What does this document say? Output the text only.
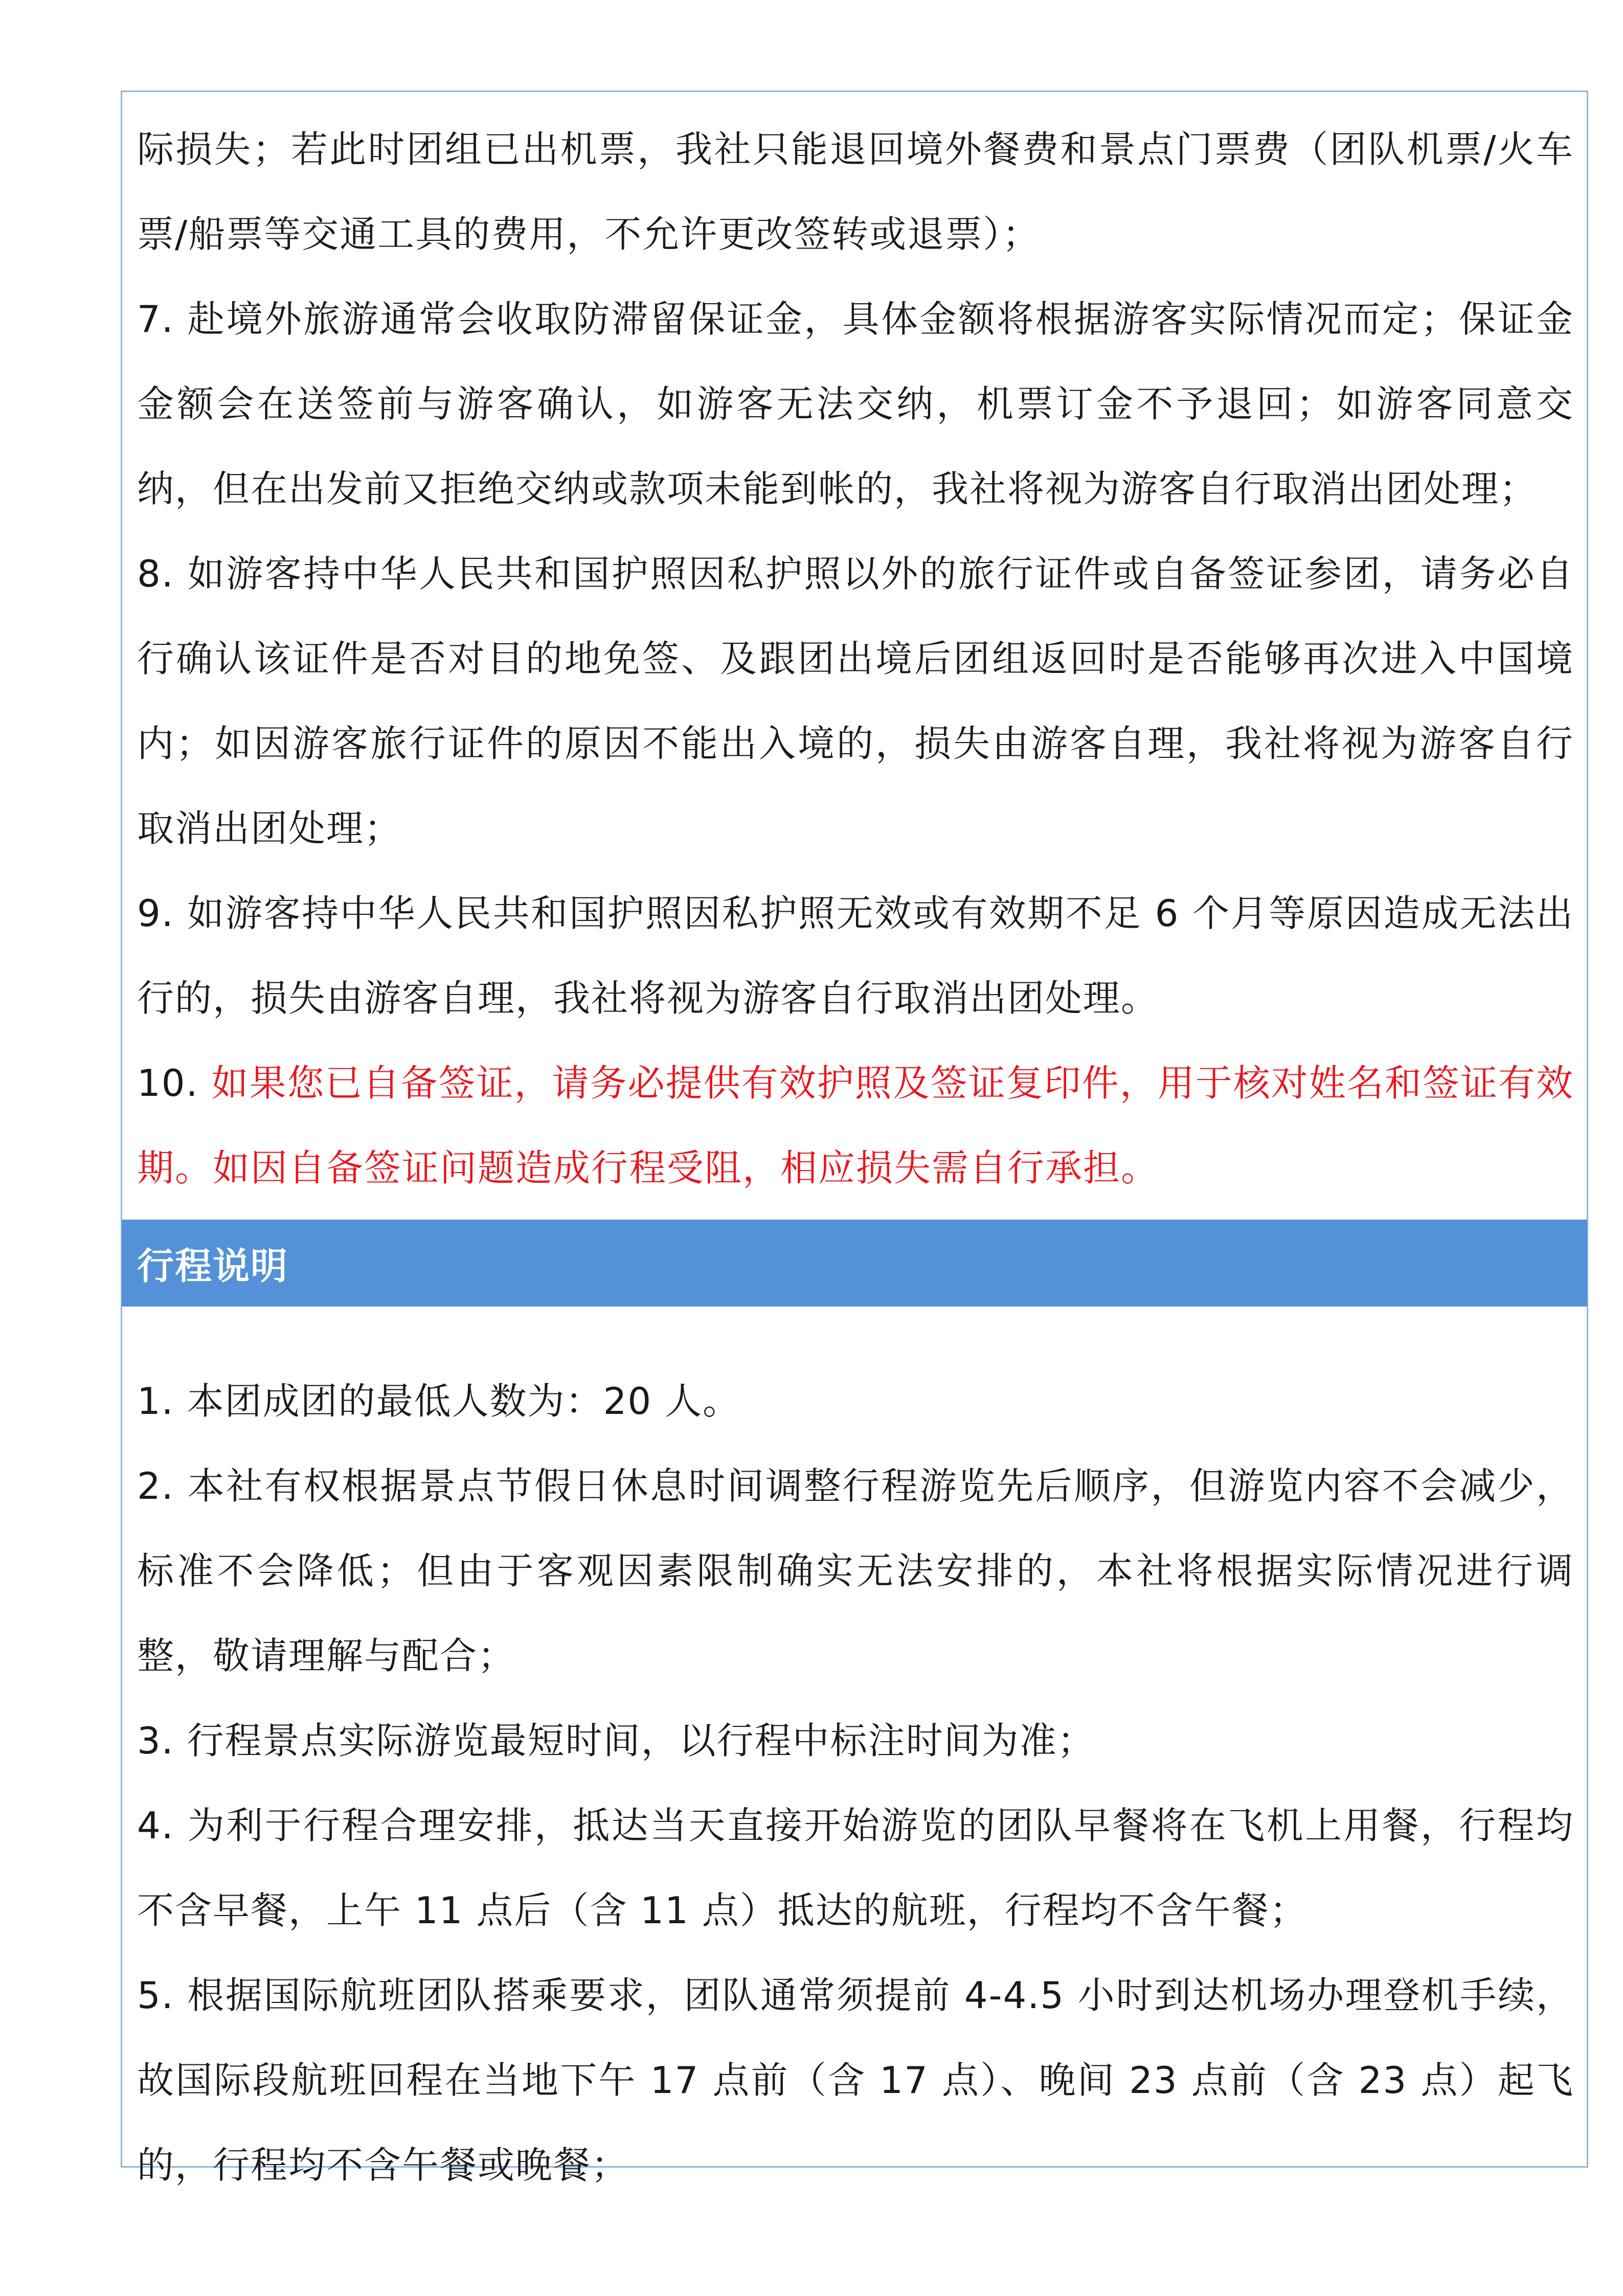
际损失；若此时团组已出机票，我社只能退回境外餐费和景点门票费（团队机票/火车票/船票等交通工具的费用，不允许更改签转或退票）；

7. 赴境外旅游通常会收取防滞留保证金，具体金额将根据游客实际情况而定；保证金金额会在送签前与游客确认，如游客无法交纳，机票订金不予退回；如游客同意交纳，但在出发前又拒绝交纳或款项未能到帐的，我社将视为游客自行取消出团处理；

8. 如游客持中华人民共和国护照因私护照以外的旅行证件或自备签证参团，请务必自行确认该证件是否对目的地免签、及跟团出境后团组返回时是否能够再次进入中国境内；如因游客旅行证件的原因不能出入境的，损失由游客自理，我社将视为游客自行取消出团处理；

9. 如游客持中华人民共和国护照因私护照无效或有效期不足 6 个月等原因造成无法出行的，损失由游客自理，我社将视为游客自行取消出团处理。

10. 如果您已自备签证，请务必提供有效护照及签证复印件，用于核对姓名和签证有效期。如因自备签证问题造成行程受阻，相应损失需自行承担。

行程说明

1. 本团成团的最低人数为：20 人。

2. 本社有权根据景点节假日休息时间调整行程游览先后顺序，但游览内容不会减少，标准不会降低；但由于客观因素限制确实无法安排的，本社将根据实际情况进行调整，敬请理解与配合；

3. 行程景点实际游览最短时间，以行程中标注时间为准；

4. 为利于行程合理安排，抵达当天直接开始游览的团队早餐将在飞机上用餐，行程均不含早餐，上午 11 点后（含 11 点）抵达的航班，行程均不含午餐；

5. 根据国际航班团队搭乘要求，团队通常须提前 4-4.5 小时到达机场办理登机手续，故国际段航班回程在当地下午 17 点前（含 17 点）、晚间 23 点前（含 23 点）起飞的，行程均不含午餐或晚餐；
